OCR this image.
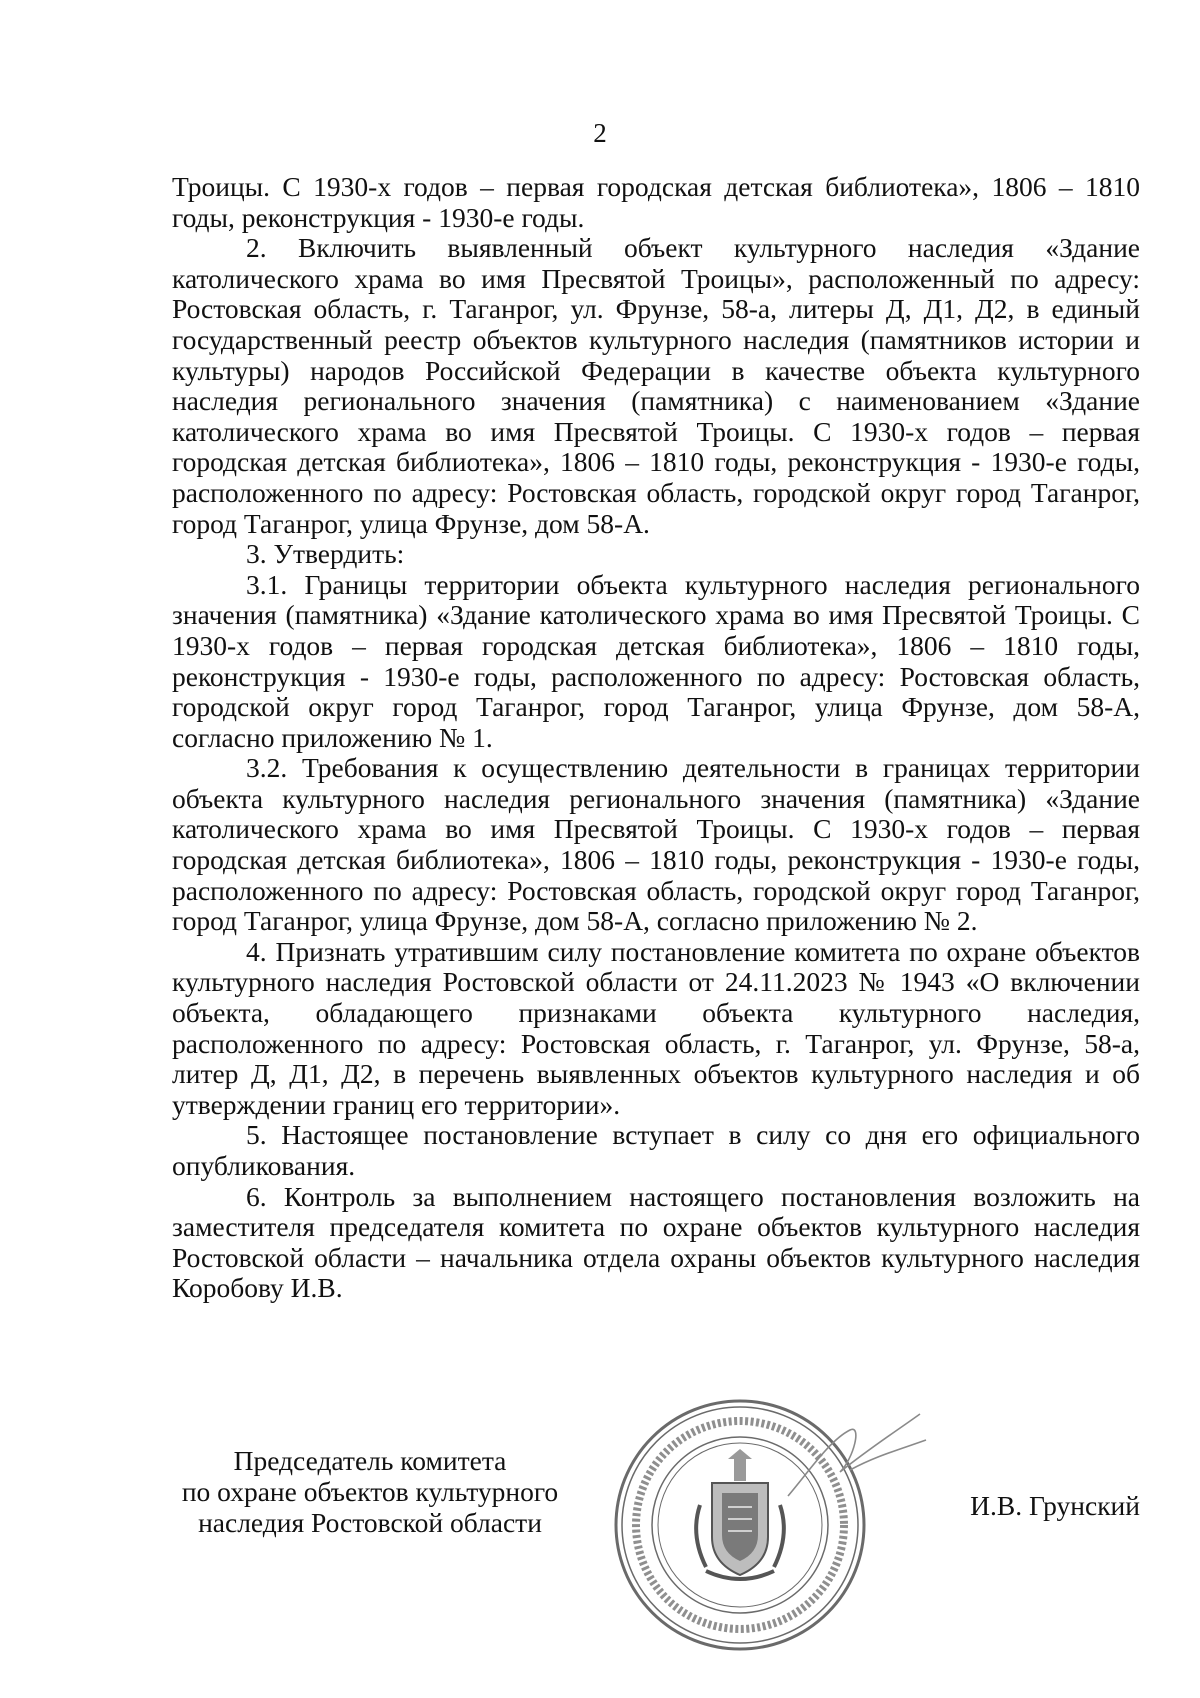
2

Троицы. С 1930-х годов – первая городская детская библиотека», 1806 – 1810 годы, реконструкция - 1930-е годы.

2. Включить выявленный объект культурного наследия «Здание католического храма во имя Пресвятой Троицы», расположенный по адресу: Ростовская область, г. Таганрог, ул. Фрунзе, 58-а, литеры Д, Д1, Д2, в единый государственный реестр объектов культурного наследия (памятников истории и культуры) народов Российской Федерации в качестве объекта культурного наследия регионального значения (памятника) с наименованием «Здание католического храма во имя Пресвятой Троицы. С 1930-х годов – первая городская детская библиотека», 1806 – 1810 годы, реконструкция - 1930-е годы, расположенного по адресу: Ростовская область, городской округ город Таганрог, город Таганрог, улица Фрунзе, дом 58-А.

3. Утвердить:

3.1. Границы территории объекта культурного наследия регионального значения (памятника) «Здание католического храма во имя Пресвятой Троицы. С 1930-х годов – первая городская детская библиотека», 1806 – 1810 годы, реконструкция - 1930-е годы, расположенного по адресу: Ростовская область, городской округ город Таганрог, город Таганрог, улица Фрунзе, дом 58-А, согласно приложению № 1.

3.2. Требования к осуществлению деятельности в границах территории объекта культурного наследия регионального значения (памятника) «Здание католического храма во имя Пресвятой Троицы. С 1930-х годов – первая городская детская библиотека», 1806 – 1810 годы, реконструкция - 1930-е годы, расположенного по адресу: Ростовская область, городской округ город Таганрог, город Таганрог, улица Фрунзе, дом 58-А, согласно приложению № 2.

4. Признать утратившим силу постановление комитета по охране объектов культурного наследия Ростовской области от 24.11.2023 № 1943 «О включении объекта, обладающего признаками объекта культурного наследия, расположенного по адресу: Ростовская область, г. Таганрог, ул. Фрунзе, 58-а, литер Д, Д1, Д2, в перечень выявленных объектов культурного наследия и об утверждении границ его территории».

5. Настоящее постановление вступает в силу со дня его официального опубликования.

6. Контроль за выполнением настоящего постановления возложить на заместителя председателя комитета по охране объектов культурного наследия Ростовской области – начальника отдела охраны объектов культурного наследия Коробову И.В.

Председатель комитета
по охране объектов культурного
наследия Ростовской области
И.В. Грунский
